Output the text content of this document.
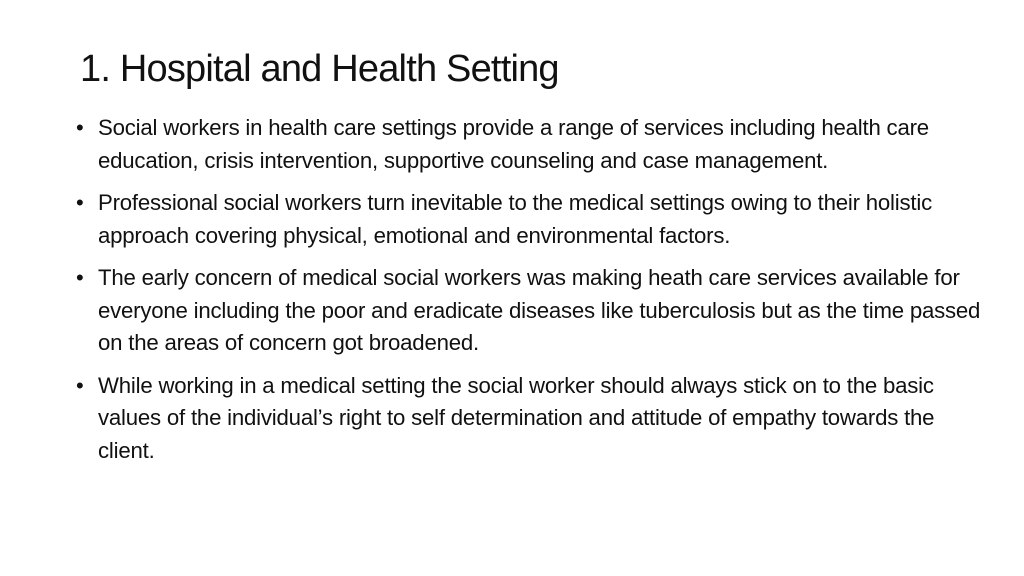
1. Hospital and Health Setting
• Social workers in health care settings provide a range of services including health care education, crisis intervention, supportive counseling and case management.
• Professional social workers turn inevitable to the medical settings owing to their holistic approach covering physical, emotional and environmental factors.
• The early concern of medical social workers was making heath care services available for everyone including the poor and eradicate diseases like tuberculosis but as the time passed on the areas of concern got broadened.
• While working in a medical setting the social worker should always stick on to the basic values of the individual’s right to self determination and attitude of empathy towards the client.
